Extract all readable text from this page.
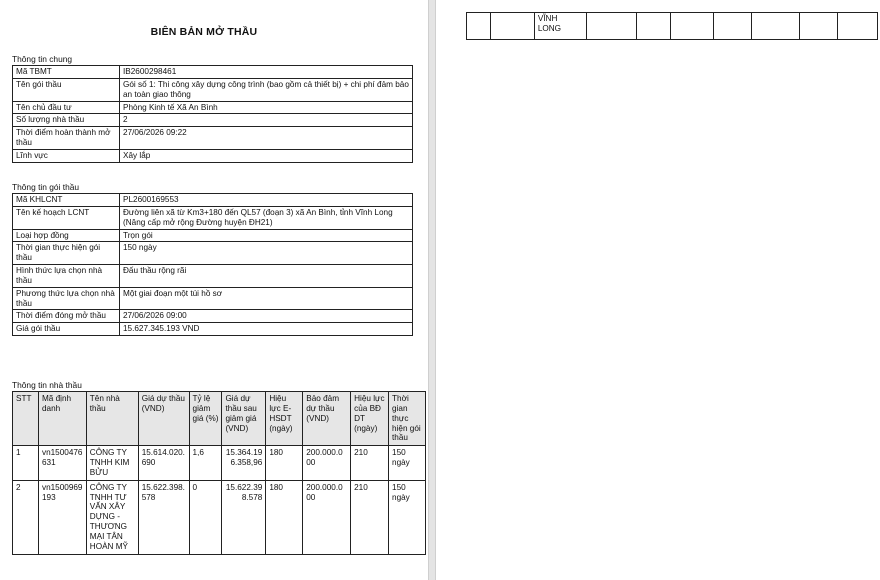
BIÊN BẢN MỞ THẦU
Thông tin chung
Mã TBMT	IB2600298461
Tên gói thầu	Gói số 1: Thi công xây dựng công trình (bao gồm cả thiết bị) + chi phí đảm bảo an toàn giao thông
Tên chủ đầu tư	Phòng Kinh tế Xã An Bình
Số lượng nhà thầu	2
Thời điểm hoàn thành mở thầu	27/06/2026 09:22
Lĩnh vực	Xây lắp
Thông tin gói thầu
Mã KHLCNT	PL2600169553
Tên kế hoạch LCNT	Đường liên xã từ Km3+180 đến QL57 (đoạn 3) xã An Bình, tỉnh Vĩnh Long (Nâng cấp mở rộng Đường huyện ĐH21)
Loại hợp đồng	Trọn gói
Thời gian thực hiện gói thầu	150 ngày
Hình thức lựa chọn nhà thầu	Đấu thầu rộng rãi
Phương thức lựa chọn nhà thầu	Một giai đoạn một túi hồ sơ
Thời điểm đóng mở thầu	27/06/2026 09:00
Giá gói thầu	15.627.345.193 VND
Thông tin nhà thầu
STT	Mã định danh	Tên nhà thầu	Giá dự thầu (VND)	Tỷ lệ giảm giá (%)	Giá dự thầu sau giảm giá (VND)	Hiệu lực E-HSDT (ngày)	Bảo đảm dự thầu (VND)	Hiệu lực của BĐ DT (ngày)	Thời gian thực hiện gói thầu
1	vn1500476631	CÔNG TY TNHH KIM BỬU	15.614.020.690	1,6	15.364.196.358,96	180	200.000.000	210	150 ngày
2	vn1500969193	CÔNG TY TNHH TƯ VẤN XÂY DỰNG - THƯƠNG MẠI TÂN HOÀN MỸ	15.622.398.578	0	15.622.398.578	180	200.000.000	210	150 ngày
		VĨNH LONG							
